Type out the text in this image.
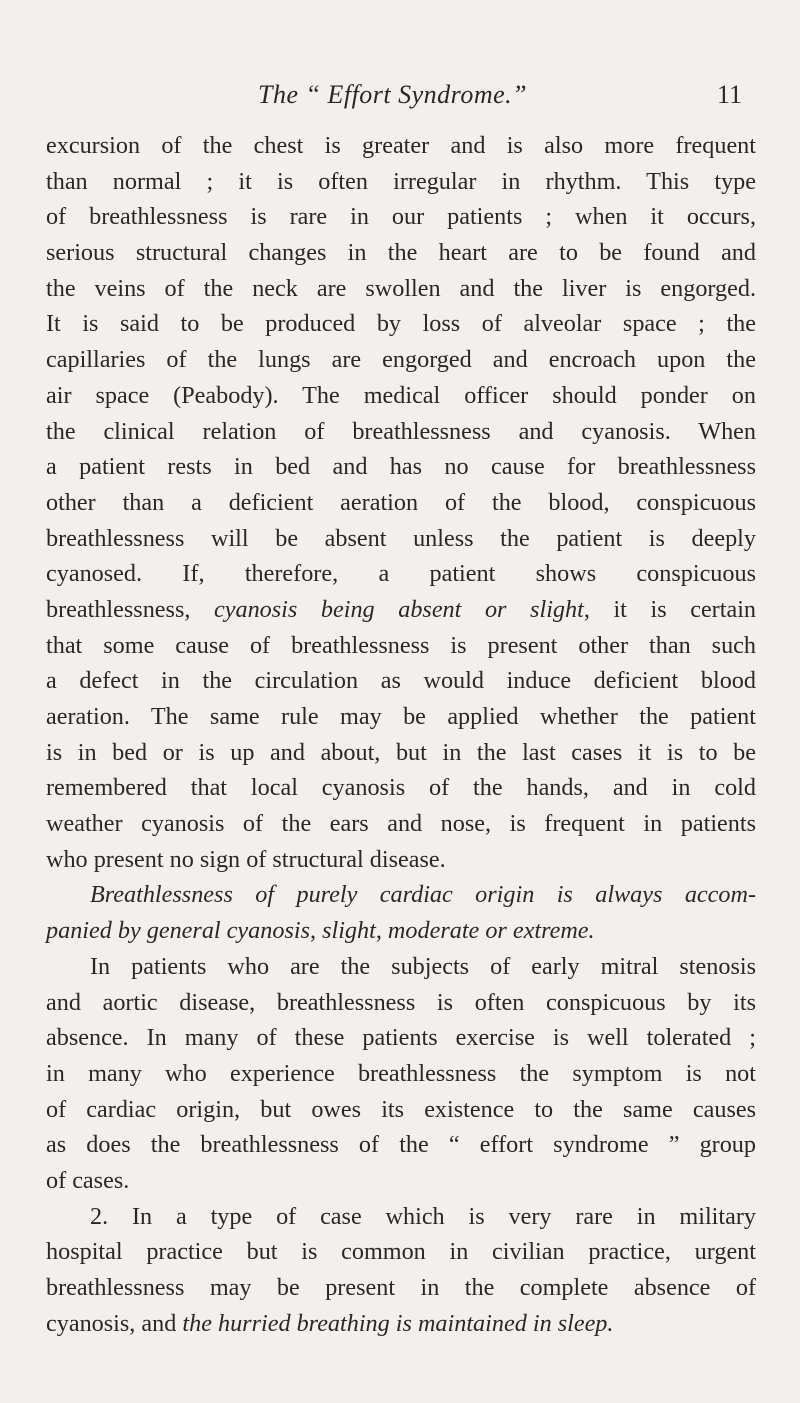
The “ Effort Syndrome.”	11
excursion of the chest is greater and is also more frequent
than normal ; it is often irregular in rhythm. This type
of breathlessness is rare in our patients ; when it occurs,
serious structural changes in the heart are to be found and
the veins of the neck are swollen and the liver is engorged.
It is said to be produced by loss of alveolar space ; the
capillaries of the lungs are engorged and encroach upon the
air space (Peabody). The medical officer should ponder on
the clinical relation of breathlessness and cyanosis. When
a patient rests in bed and has no cause for breathlessness
other than a deficient aeration of the blood, conspicuous
breathlessness will be absent unless the patient is deeply
cyanosed. If, therefore, a patient shows conspicuous
breathlessness, cyanosis being absent or slight, it is certain
that some cause of breathlessness is present other than such
a defect in the circulation as would induce deficient blood
aeration. The same rule may be applied whether the patient
is in bed or is up and about, but in the last cases it is to be
remembered that local cyanosis of the hands, and in cold
weather cyanosis of the ears and nose, is frequent in patients
who present no sign of structural disease.
Breathlessness of purely cardiac origin is always accom-
panied by general cyanosis, slight, moderate or extreme.
In patients who are the subjects of early mitral stenosis
and aortic disease, breathlessness is often conspicuous by its
absence. In many of these patients exercise is well tolerated ;
in many who experience breathlessness the symptom is not
of cardiac origin, but owes its existence to the same causes
as does the breathlessness of the “ effort syndrome ” group
of cases.
2. In a type of case which is very rare in military
hospital practice but is common in civilian practice, urgent
breathlessness may be present in the complete absence of
cyanosis, and the hurried breathing is maintained in sleep.
